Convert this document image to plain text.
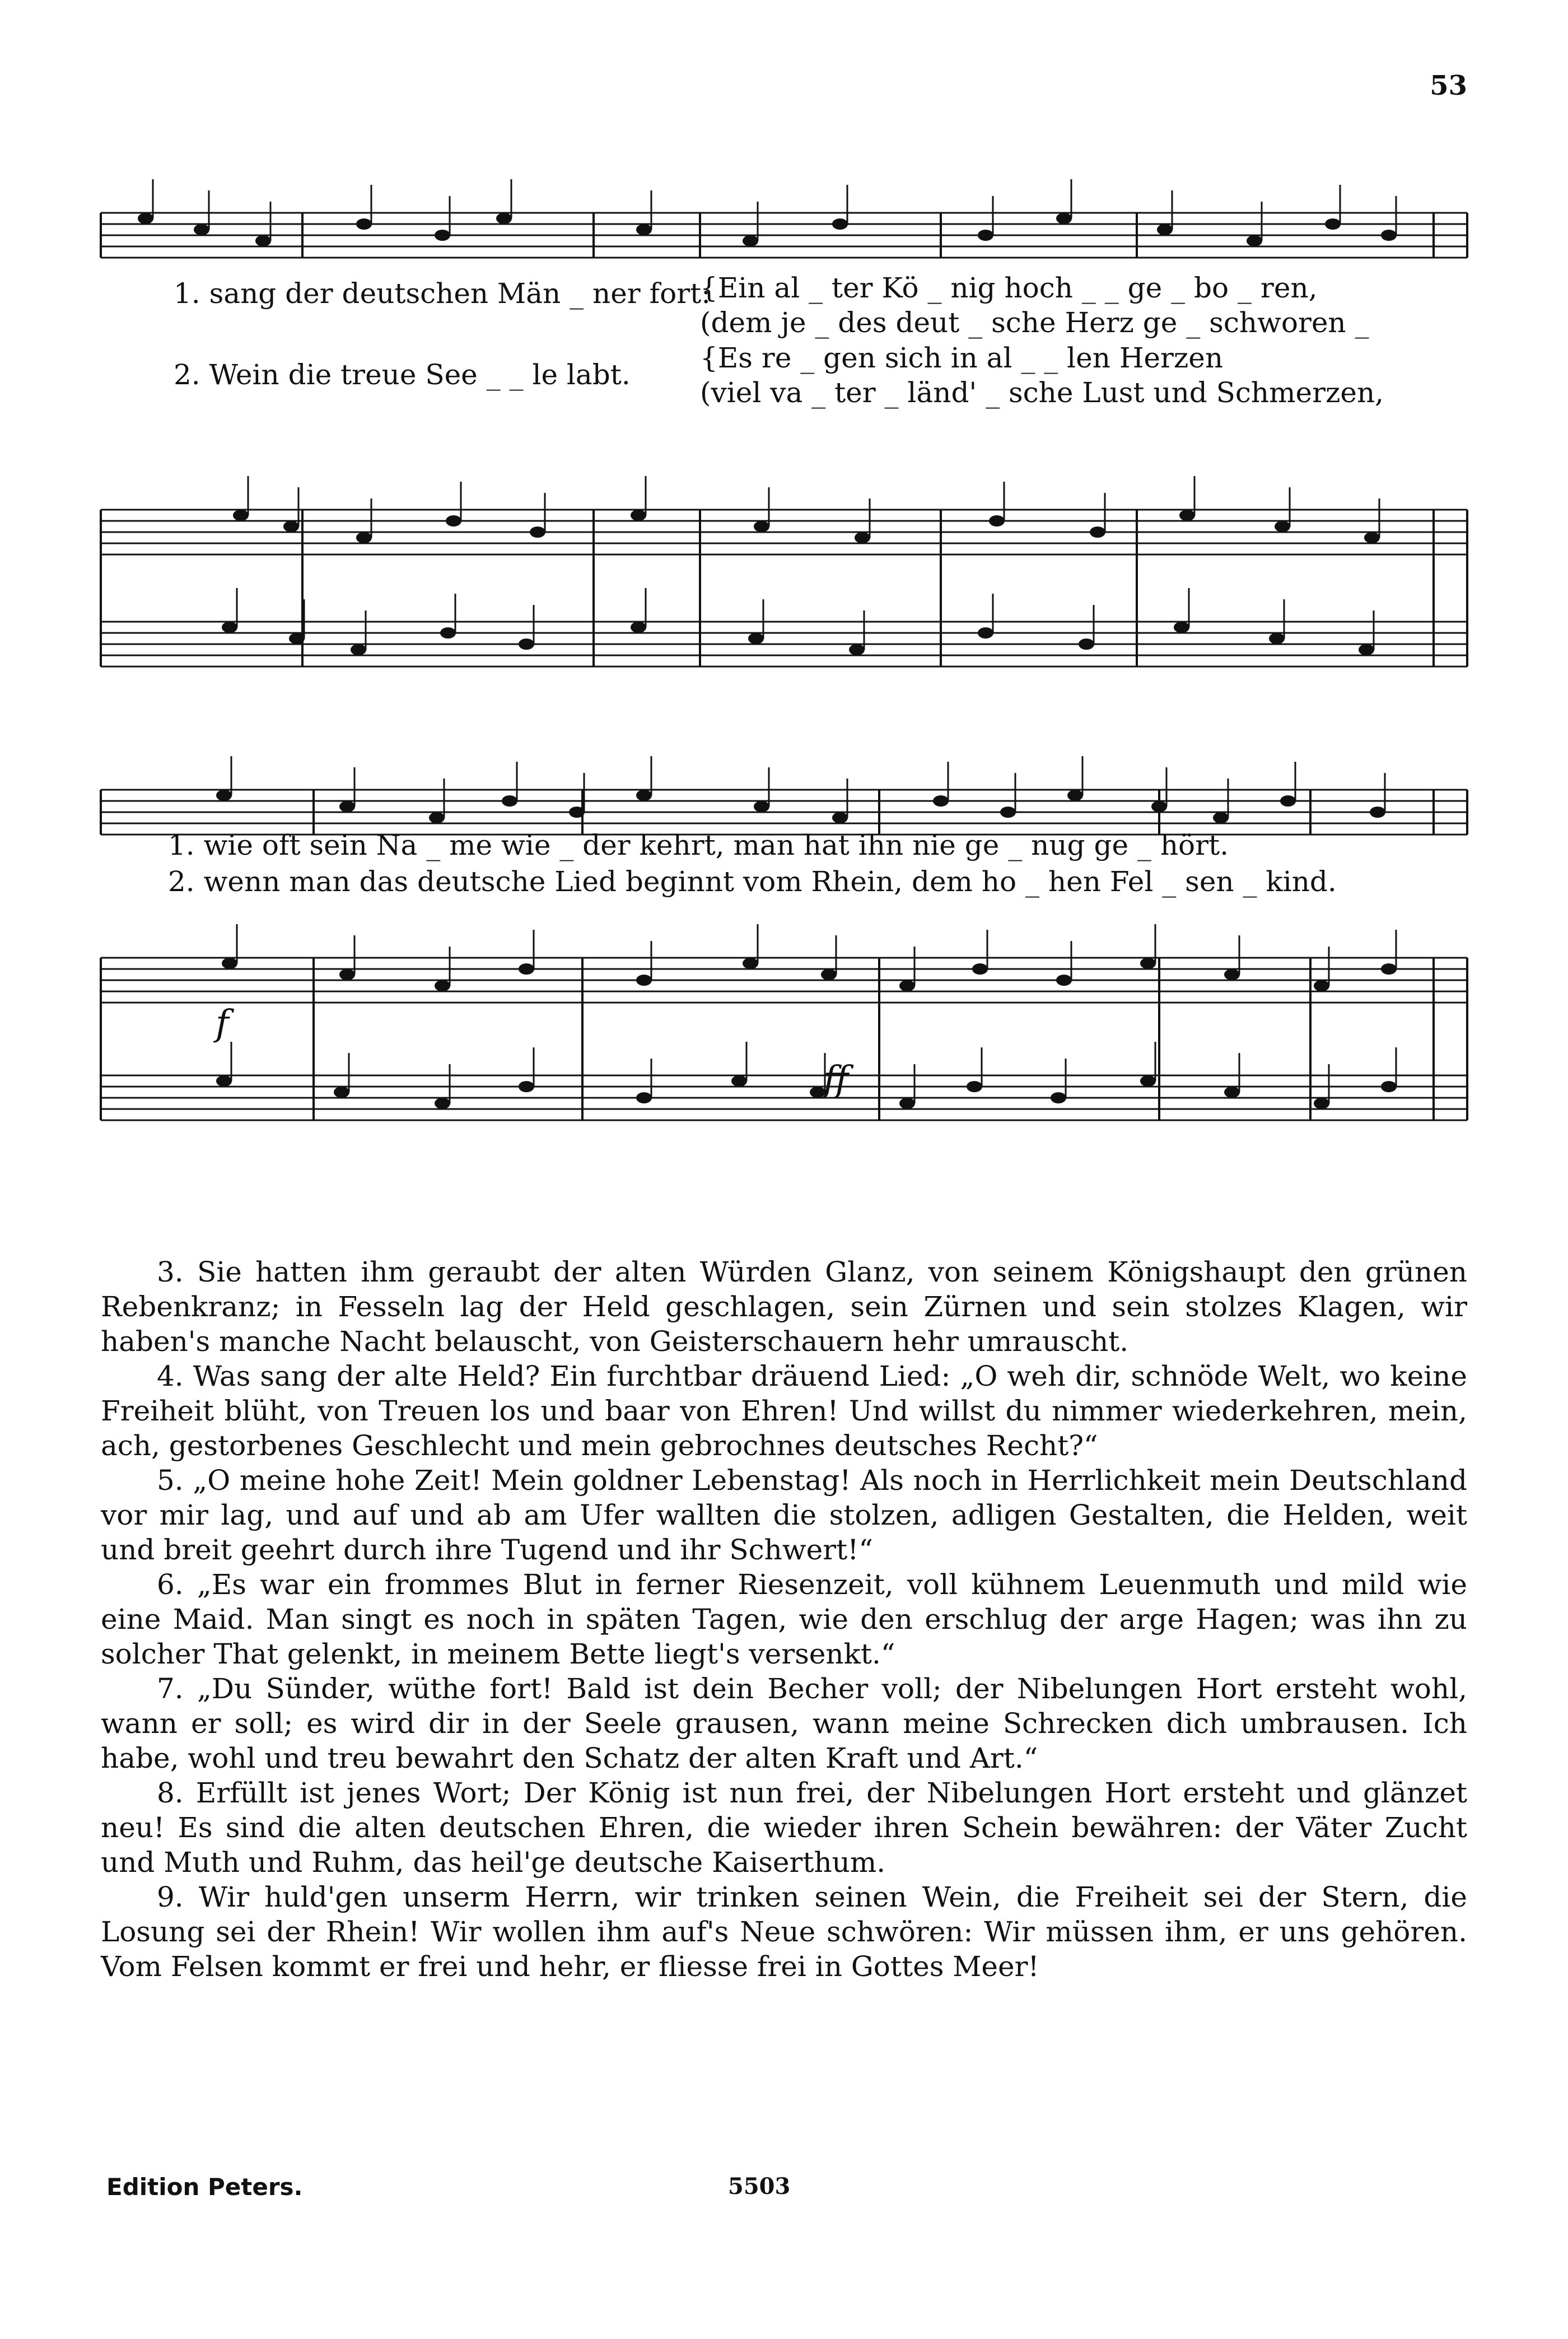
53
1. sang der deutschen Män _ ner fort:
2. Wein die treue See _ _ le labt.
{Ein al _ ter Kö _ nig hoch _ _ ge _ bo _ ren,
(dem je _ des deut _ sche Herz ge _ schworen _
{Es re _ gen sich in al _ _ len Herzen
(viel va _ ter _ länd' _ sche Lust und Schmerzen,
1. wie oft sein Na _ me wie _ der kehrt, man hat ihn nie ge _ nug ge _ hört.
2. wenn man das deutsche Lied beginnt vom Rhein, dem ho _ hen Fel _ sen _ kind.
f
ff

3. Sie hatten ihm geraubt der alten Würden Glanz, von seinem Königshaupt den grünen Rebenkranz; in Fesseln lag der Held geschlagen, sein Zürnen und sein stolzes Klagen, wir haben's manche Nacht belauscht, von Geisterschauern hehr umrauscht.

4. Was sang der alte Held? Ein furchtbar dräuend Lied: „O weh dir, schnöde Welt, wo keine Freiheit blüht, von Treuen los und baar von Ehren! Und willst du nimmer wiederkehren, mein, ach, gestorbenes Geschlecht und mein gebrochnes deutsches Recht?“

5. „O meine hohe Zeit! Mein goldner Lebenstag! Als noch in Herrlichkeit mein Deutschland vor mir lag, und auf und ab am Ufer wallten die stolzen, adligen Gestalten, die Helden, weit und breit geehrt durch ihre Tugend und ihr Schwert!“

6. „Es war ein frommes Blut in ferner Riesenzeit, voll kühnem Leuenmuth und mild wie eine Maid. Man singt es noch in späten Tagen, wie den erschlug der arge Hagen; was ihn zu solcher That gelenkt, in meinem Bette liegt's versenkt.“

7. „Du Sünder, wüthe fort! Bald ist dein Becher voll; der Nibelungen Hort ersteht wohl, wann er soll; es wird dir in der Seele grausen, wann meine Schrecken dich umbrausen. Ich habe, wohl und treu bewahrt den Schatz der alten Kraft und Art.“

8. Erfüllt ist jenes Wort; Der König ist nun frei, der Nibelungen Hort ersteht und glänzet neu! Es sind die alten deutschen Ehren, die wieder ihren Schein bewähren: der Väter Zucht und Muth und Ruhm, das heil'ge deutsche Kaiserthum.

9. Wir huld'gen unserm Herrn, wir trinken seinen Wein, die Freiheit sei der Stern, die Losung sei der Rhein! Wir wollen ihm auf's Neue schwören: Wir müssen ihm, er uns gehören. Vom Felsen kommt er frei und hehr, er fliesse frei in Gottes Meer!

Edition Peters.	5503
